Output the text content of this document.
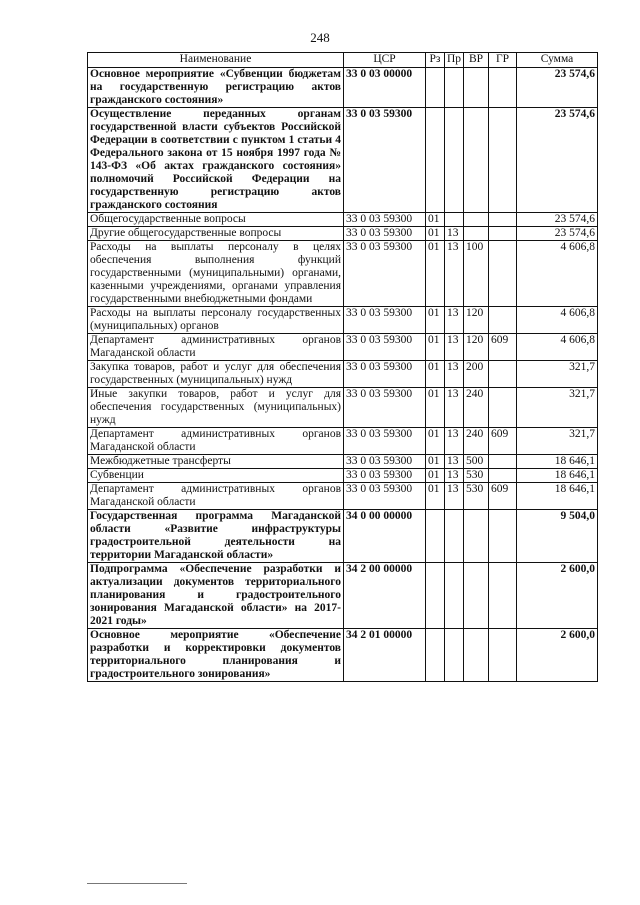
248
Наименование	ЦСР	Рз	Пр	ВР	ГР	Сумма
Основное мероприятие «Субвенции бюджетам на государственную регистрацию актов гражданского состояния»	33 0 03 00000					23 574,6
Осуществление переданных органам государственной власти субъектов Российской Федерации в соответствии с пунктом 1 статьи 4 Федерального закона от 15 ноября 1997 года № 143-ФЗ «Об актах гражданского состояния» полномочий Российской Федерации на государственную регистрацию актов гражданского состояния	33 0 03 59300					23 574,6
Общегосударственные вопросы	33 0 03 59300	01				23 574,6
Другие общегосударственные вопросы	33 0 03 59300	01	13			23 574,6
Расходы на выплаты персоналу в целях обеспечения выполнения функций государственными (муниципальными) органами, казенными учреждениями, органами управления государственными внебюджетными фондами	33 0 03 59300	01	13	100		4 606,8
Расходы на выплаты персоналу государственных (муниципальных) органов	33 0 03 59300	01	13	120		4 606,8
Департамент административных органов Магаданской области	33 0 03 59300	01	13	120	609	4 606,8
Закупка товаров, работ и услуг для обеспечения государственных (муниципальных) нужд	33 0 03 59300	01	13	200		321,7
Иные закупки товаров, работ и услуг для обеспечения государственных (муниципальных) нужд	33 0 03 59300	01	13	240		321,7
Департамент административных органов Магаданской области	33 0 03 59300	01	13	240	609	321,7
Межбюджетные трансферты	33 0 03 59300	01	13	500		18 646,1
Субвенции	33 0 03 59300	01	13	530		18 646,1
Департамент административных органов Магаданской области	33 0 03 59300	01	13	530	609	18 646,1
Государственная программа Магаданской области «Развитие инфраструктуры градостроительной деятельности на территории Магаданской области»	34 0 00 00000					9 504,0
Подпрограмма «Обеспечение разработки и актуализации документов территориального планирования и градостроительного зонирования Магаданской области» на 2017-2021 годы»	34 2 00 00000					2 600,0
Основное мероприятие «Обеспечение разработки и корректировки документов территориального планирования и градостроительного зонирования»	34 2 01 00000					2 600,0
